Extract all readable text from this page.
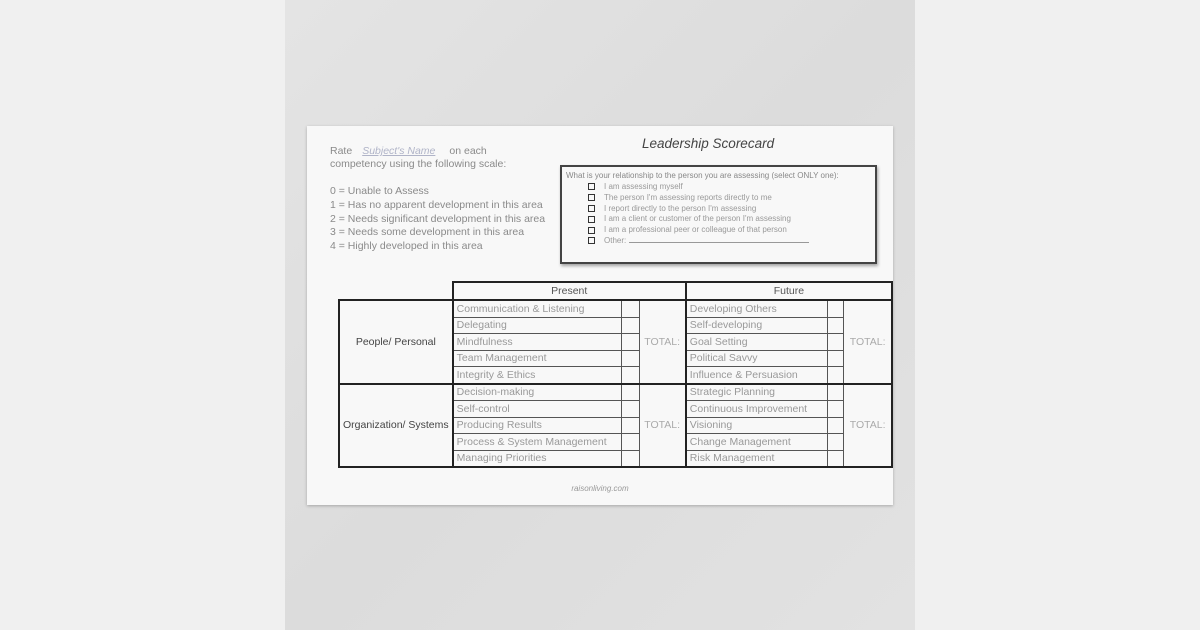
Leadership Scorecard
Rate Subject's Name on each
competency using the following scale:
0 = Unable to Assess
1 = Has no apparent development in this area
2 = Needs significant development in this area
3 = Needs some development in this area
4 = Highly developed in this area
What is your relationship to the person you are assessing (select ONLY one):
I am assessing myself
The person I'm assessing reports directly to me
I report directly to the person I'm assessing
I am a client or customer of the person I'm assessing
I am a professional peer or colleague of that person
Other:
	Present			Future		
People/ Personal	Communication & Listening		TOTAL:	Developing Others		TOTAL:
	Delegating			Self-developing		
	Mindfulness			Goal Setting		
	Team Management			Political Savvy		
	Integrity & Ethics			Influence & Persuasion		
Organization/ Systems	Decision-making		TOTAL:	Strategic Planning		TOTAL:
	Self-control			Continuous Improvement		
	Producing Results			Visioning		
	Process & System Management			Change Management		
	Managing Priorities			Risk Management		

raisonliving.com
